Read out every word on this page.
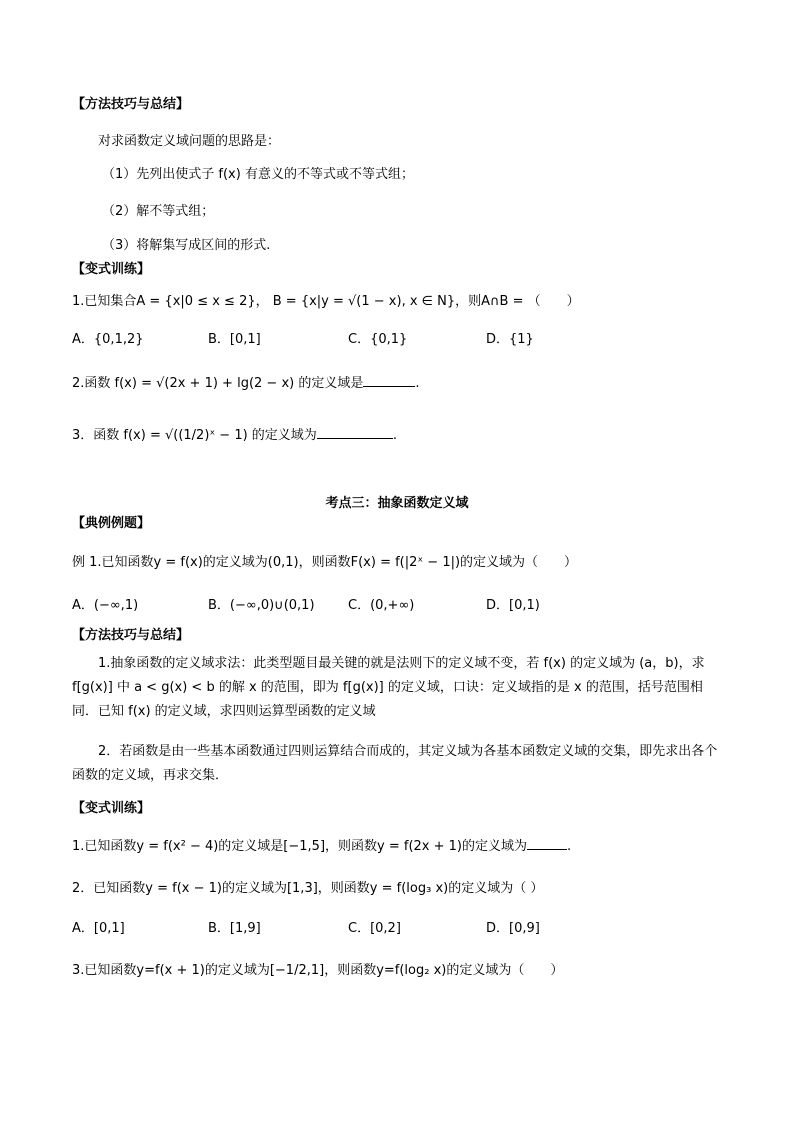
【方法技巧与总结】
对求函数定义域问题的思路是：
（1）先列出使式子 f(x) 有意义的不等式或不等式组；
（2）解不等式组；
（3）将解集写成区间的形式.
【变式训练】
1.已知集合A = {x|0 ≤ x ≤ 2}， B = {x|y = √(1 − x), x ∈ N}，则A∩B = （　　）
A．{0,1,2}	B．[0,1]	C．{0,1}	D．{1}
2.函数 f(x) = √(2x + 1) + lg(2 − x) 的定义域是	.
3．函数 f(x) = √((1/2)ˣ − 1) 的定义域为	.
考点三：抽象函数定义域
【典例例题】
例 1.已知函数y = f(x)的定义域为(0,1)，则函数F(x) = f(|2ˣ − 1|)的定义域为（　　）
A．(−∞,1)	B．(−∞,0)∪(0,1)	C．(0,+∞)	D．[0,1)
【方法技巧与总结】
1.抽象函数的定义域求法：此类型题目最关键的就是法则下的定义域不变，若 f(x) 的定义域为 (a，b)，求 f[g(x)] 中 a < g(x) < b 的解 x 的范围，即为 f[g(x)] 的定义域，口诀：定义域指的是 x 的范围，括号范围相同．已知 f(x) 的定义域，求四则运算型函数的定义域
2．若函数是由一些基本函数通过四则运算结合而成的，其定义域为各基本函数定义域的交集，即先求出各个函数的定义域，再求交集．
【变式训练】
1.已知函数y = f(x² − 4)的定义域是[−1,5]，则函数y = f(2x + 1)的定义域为	.
2．已知函数y = f(x − 1)的定义域为[1,3]，则函数y = f(log₃ x)的定义域为（ ）
A．[0,1]	B．[1,9]	C．[0,2]	D．[0,9]
3.已知函数y=f(x + 1)的定义域为[−1/2,1]，则函数y=f(log₂ x)的定义域为（　　）
